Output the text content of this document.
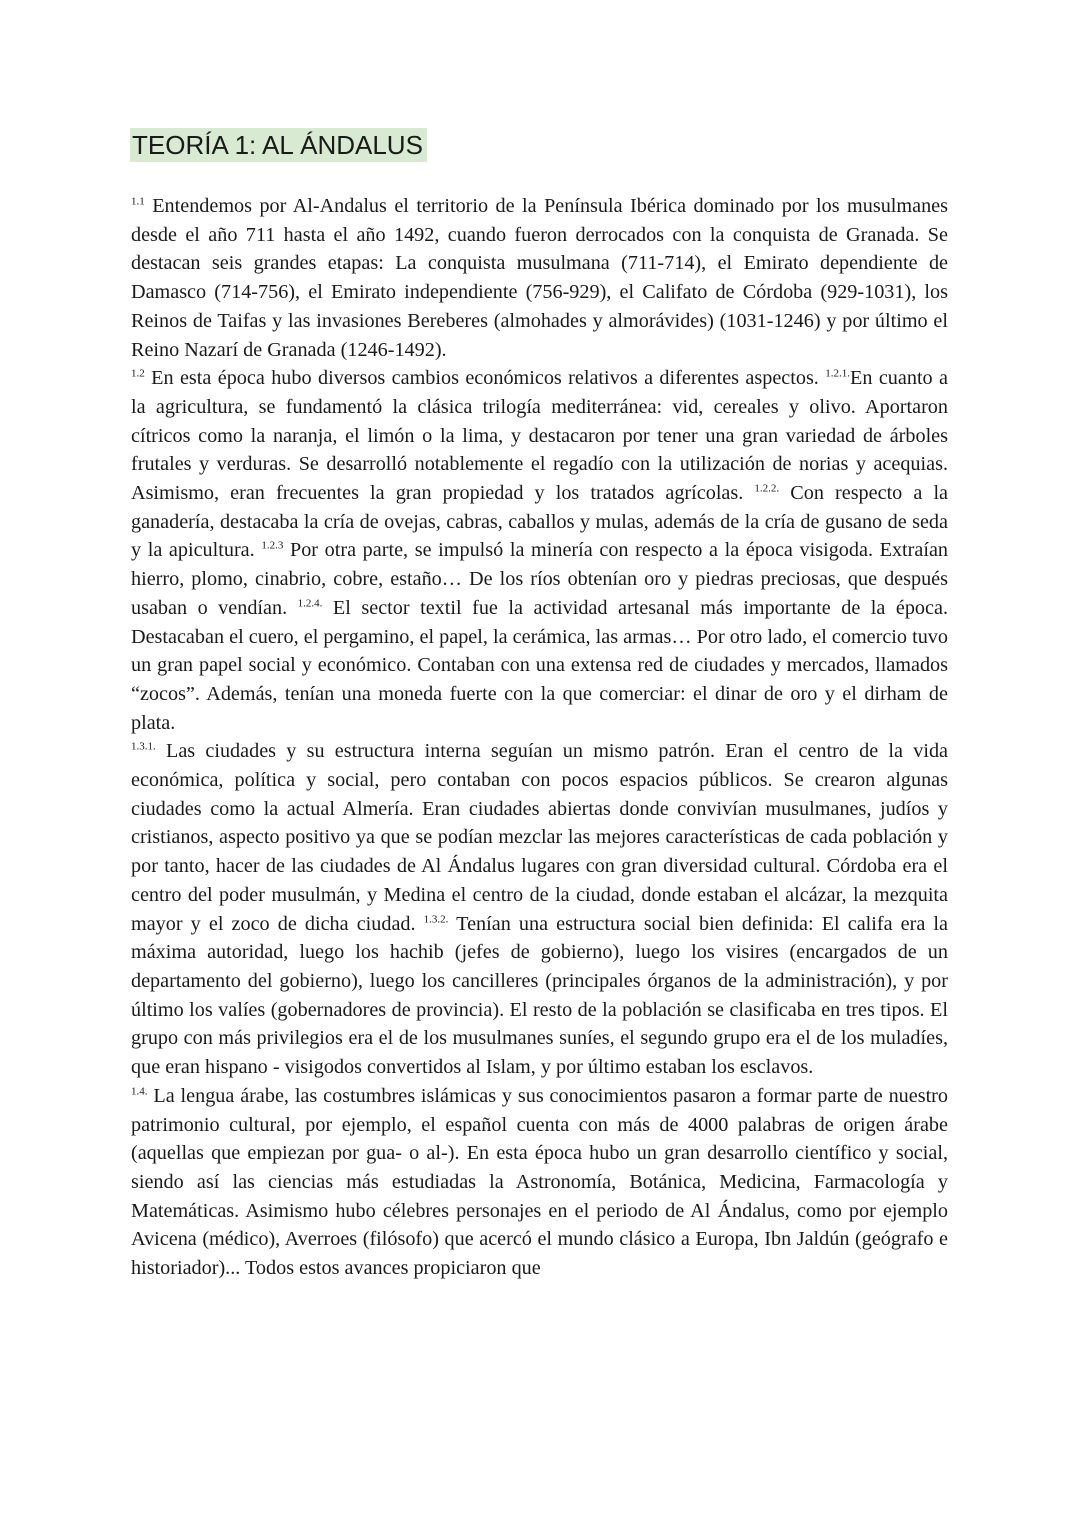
TEORÍA 1: AL ÁNDALUS

$^{1.1}$ Entendemos por Al-Andalus el territorio de la Península Ibérica dominado por los musulmanes desde el año 711 hasta el año 1492, cuando fueron derrocados con la conquista de Granada. Se destacan seis grandes etapas: La conquista musulmana (711-714), el Emirato dependiente de Damasco (714-756), el Emirato independiente (756-929), el Califato de Córdoba (929-1031), los Reinos de Taifas y las invasiones Bereberes (almohades y almorávides) (1031-1246) y por último el Reino Nazarí de Granada (1246-1492).

$^{1.2}$ En esta época hubo diversos cambios económicos relativos a diferentes aspectos. $^{1.2.1.}$En cuanto a la agricultura, se fundamentó la clásica trilogía mediterránea: vid, cereales y olivo. Aportaron cítricos como la naranja, el limón o la lima, y destacaron por tener una gran variedad de árboles frutales y verduras. Se desarrolló notablemente el regadío con la utilización de norias y acequias. Asimismo, eran frecuentes la gran propiedad y los tratados agrícolas. $^{1.2.2.}$ Con respecto a la ganadería, destacaba la cría de ovejas, cabras, caballos y mulas, además de la cría de gusano de seda y la apicultura. $^{1.2.3}$ Por otra parte, se impulsó la minería con respecto a la época visigoda. Extraían hierro, plomo, cinabrio, cobre, estaño… De los ríos obtenían oro y piedras preciosas, que después usaban o vendían. $^{1.2.4.}$ El sector textil fue la actividad artesanal más importante de la época. Destacaban el cuero, el pergamino, el papel, la cerámica, las armas… Por otro lado, el comercio tuvo un gran papel social y económico. Contaban con una extensa red de ciudades y mercados, llamados “zocos”. Además, tenían una moneda fuerte con la que comerciar: el dinar de oro y el dirham de plata.

$^{1.3.1.}$ Las ciudades y su estructura interna seguían un mismo patrón. Eran el centro de la vida económica, política y social, pero contaban con pocos espacios públicos. Se crearon algunas ciudades como la actual Almería. Eran ciudades abiertas donde convivían musulmanes, judíos y cristianos, aspecto positivo ya que se podían mezclar las mejores características de cada población y por tanto, hacer de las ciudades de Al Ándalus lugares con gran diversidad cultural. Córdoba era el centro del poder musulmán, y Medina el centro de la ciudad, donde estaban el alcázar, la mezquita mayor y el zoco de dicha ciudad. $^{1.3.2.}$ Tenían una estructura social bien definida: El califa era la máxima autoridad, luego los hachib (jefes de gobierno), luego los visires (encargados de un departamento del gobierno), luego los cancilleres (principales órganos de la administración), y por último los valíes (gobernadores de provincia). El resto de la población se clasificaba en tres tipos. El grupo con más privilegios era el de los musulmanes suníes, el segundo grupo era el de los muladíes, que eran hispano - visigodos convertidos al Islam, y por último estaban los esclavos.

$^{1.4.}$ La lengua árabe, las costumbres islámicas y sus conocimientos pasaron a formar parte de nuestro patrimonio cultural, por ejemplo, el español cuenta con más de 4000 palabras de origen árabe (aquellas que empiezan por gua- o al-). En esta época hubo un gran desarrollo científico y social, siendo así las ciencias más estudiadas la Astronomía, Botánica, Medicina, Farmacología y Matemáticas. Asimismo hubo célebres personajes en el periodo de Al Ándalus, como por ejemplo Avicena (médico), Averroes (filósofo) que acercó el mundo clásico a Europa, Ibn Jaldún (geógrafo e historiador)... Todos estos avances propiciaron que
